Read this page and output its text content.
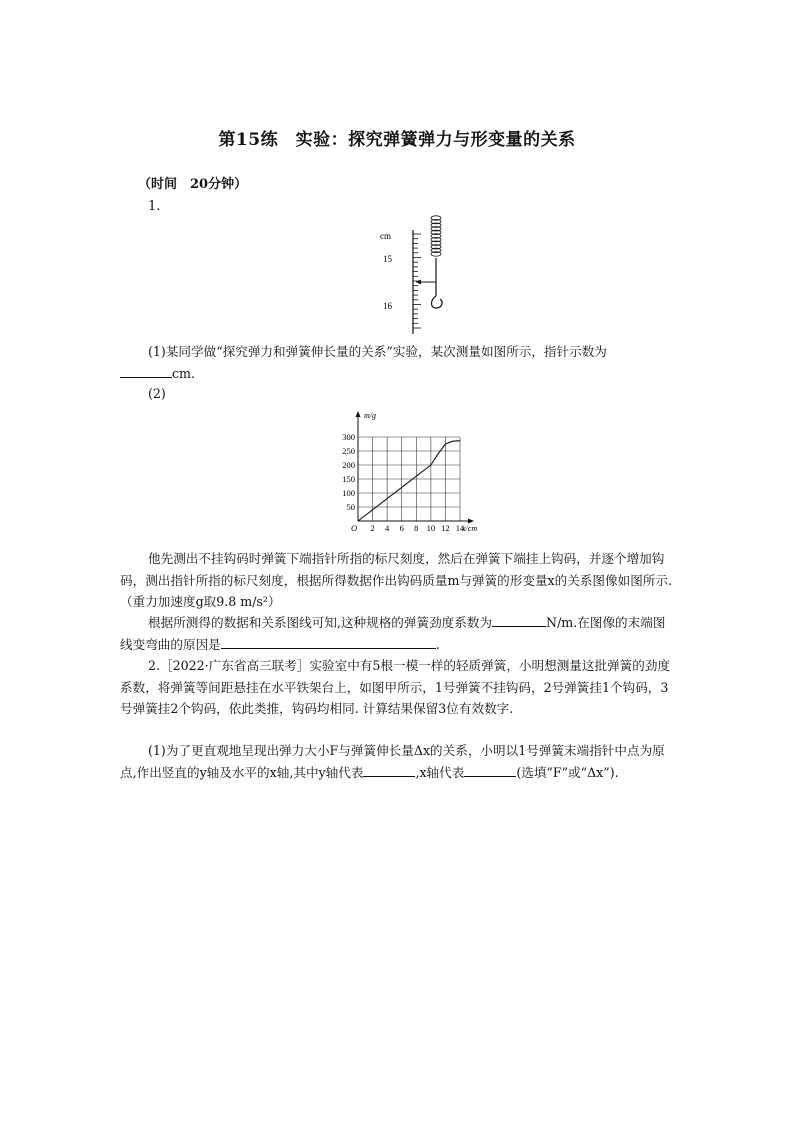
第15练　实验：探究弹簧弹力与形变量的关系
（时间　20分钟）
1.
cm
15
16
(1)某同学做“探究弹力和弹簧伸长量的关系”实验，某次测量如图所示，指针示数为
cm.
(2)
m/g
x/cm
O 2 4 6 8 10 12 14
50
100
150
200
250
300
他先测出不挂钩码时弹簧下端指针所指的标尺刻度，然后在弹簧下端挂上钩码，并逐个增加钩码，测出指针所指的标尺刻度，根据所得数据作出钩码质量m与弹簧的形变量x的关系图像如图所示.（重力加速度g取9.8 m/s²）
根据所测得的数据和关系图线可知,这种规格的弹簧劲度系数为	N/m.在图像的末端图线变弯曲的原因是	.
2.［2022·广东省高三联考］实验室中有5根一模一样的轻质弹簧，小明想测量这批弹簧的劲度系数，将弹簧等间距悬挂在水平铁架台上，如图甲所示，1号弹簧不挂钩码，2号弹簧挂1个钩码，3号弹簧挂2个钩码，依此类推，钩码均相同. 计算结果保留3位有效数字.
(1)为了更直观地呈现出弹力大小F与弹簧伸长量Δx的关系，小明以1号弹簧末端指针中点为原点,作出竖直的y轴及水平的x轴,其中y轴代表	,x轴代表	(选填“F”或“Δx”).
